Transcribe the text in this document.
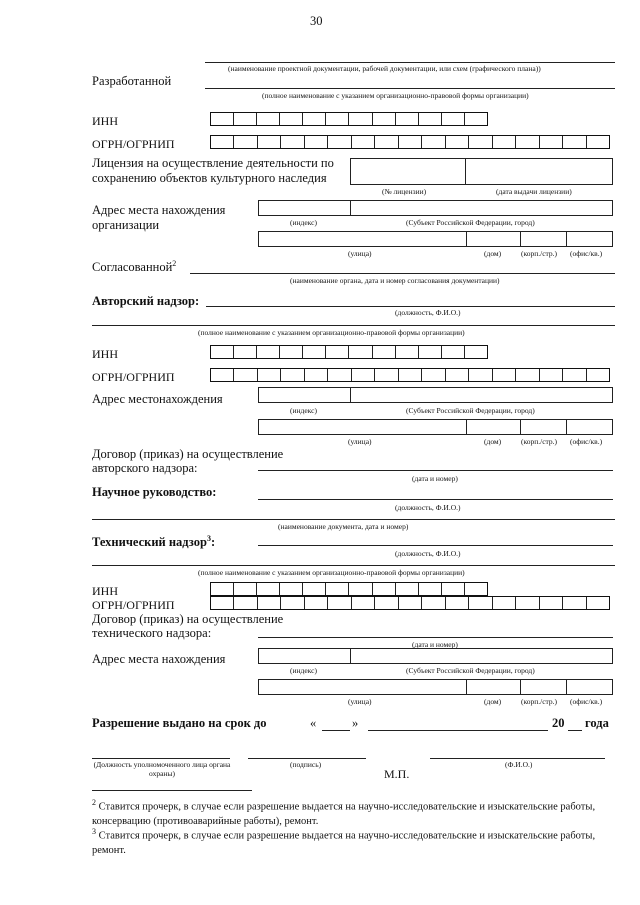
30
(наименование проектной документации, рабочей документации, или схем (графического плана))
Разработанной
(полное наименование с указанием организационно-правовой формы организации)
ИНН
ОГРН/ОГРНИП
Лицензия на осуществление деятельности по сохранению объектов культурного наследия
(№ лицензии)	(дата выдачи лицензии)
Адрес места нахождения организации	(индекс)	(Субъект Российской Федерации, город)
(улица)	(дом)	(корп./стр.) (офис/кв.)
Согласованной$^2$
(наименование органа, дата и номер согласования документации)
Авторский надзор:
(должность, Ф.И.О.)
(полное наименование с указанием организационно-правовой формы организации)
ИНН
ОГРН/ОГРНИП
Адрес местонахождения
(индекс)	(Субъект Российской Федерации, город)
(улица)	(дом)	(корп./стр.) (офис/кв.)
Договор (приказ) на осуществление авторского надзора:
(дата и номер)
Научное руководство:
(должность, Ф.И.О.)
(наименование документа, дата и номер)
Технический надзор$^3$:
(должность, Ф.И.О.)
(полное наименование с указанием организационно-правовой формы организации)
ИНН
ОГРН/ОГРНИП
Договор (приказ) на осуществление технического надзора:
(дата и номер)
Адрес места нахождения
(индекс)	(Субъект Российской Федерации, город)
(улица)	(дом)	(корп./стр.) (офис/кв.)
Разрешение выдано на срок до	«	»	20 года
(Должность уполномоченного лица органа охраны)
(подпись)	(Ф.И.О.)
М.П.
$^2$ Ставится прочерк, в случае если разрешение выдается на научно-исследовательские и изыскательские работы, консервацию (противоаварийные работы), ремонт.
$^3$ Ставится прочерк, в случае если разрешение выдается на научно-исследовательские и изыскательские работы, ремонт.
